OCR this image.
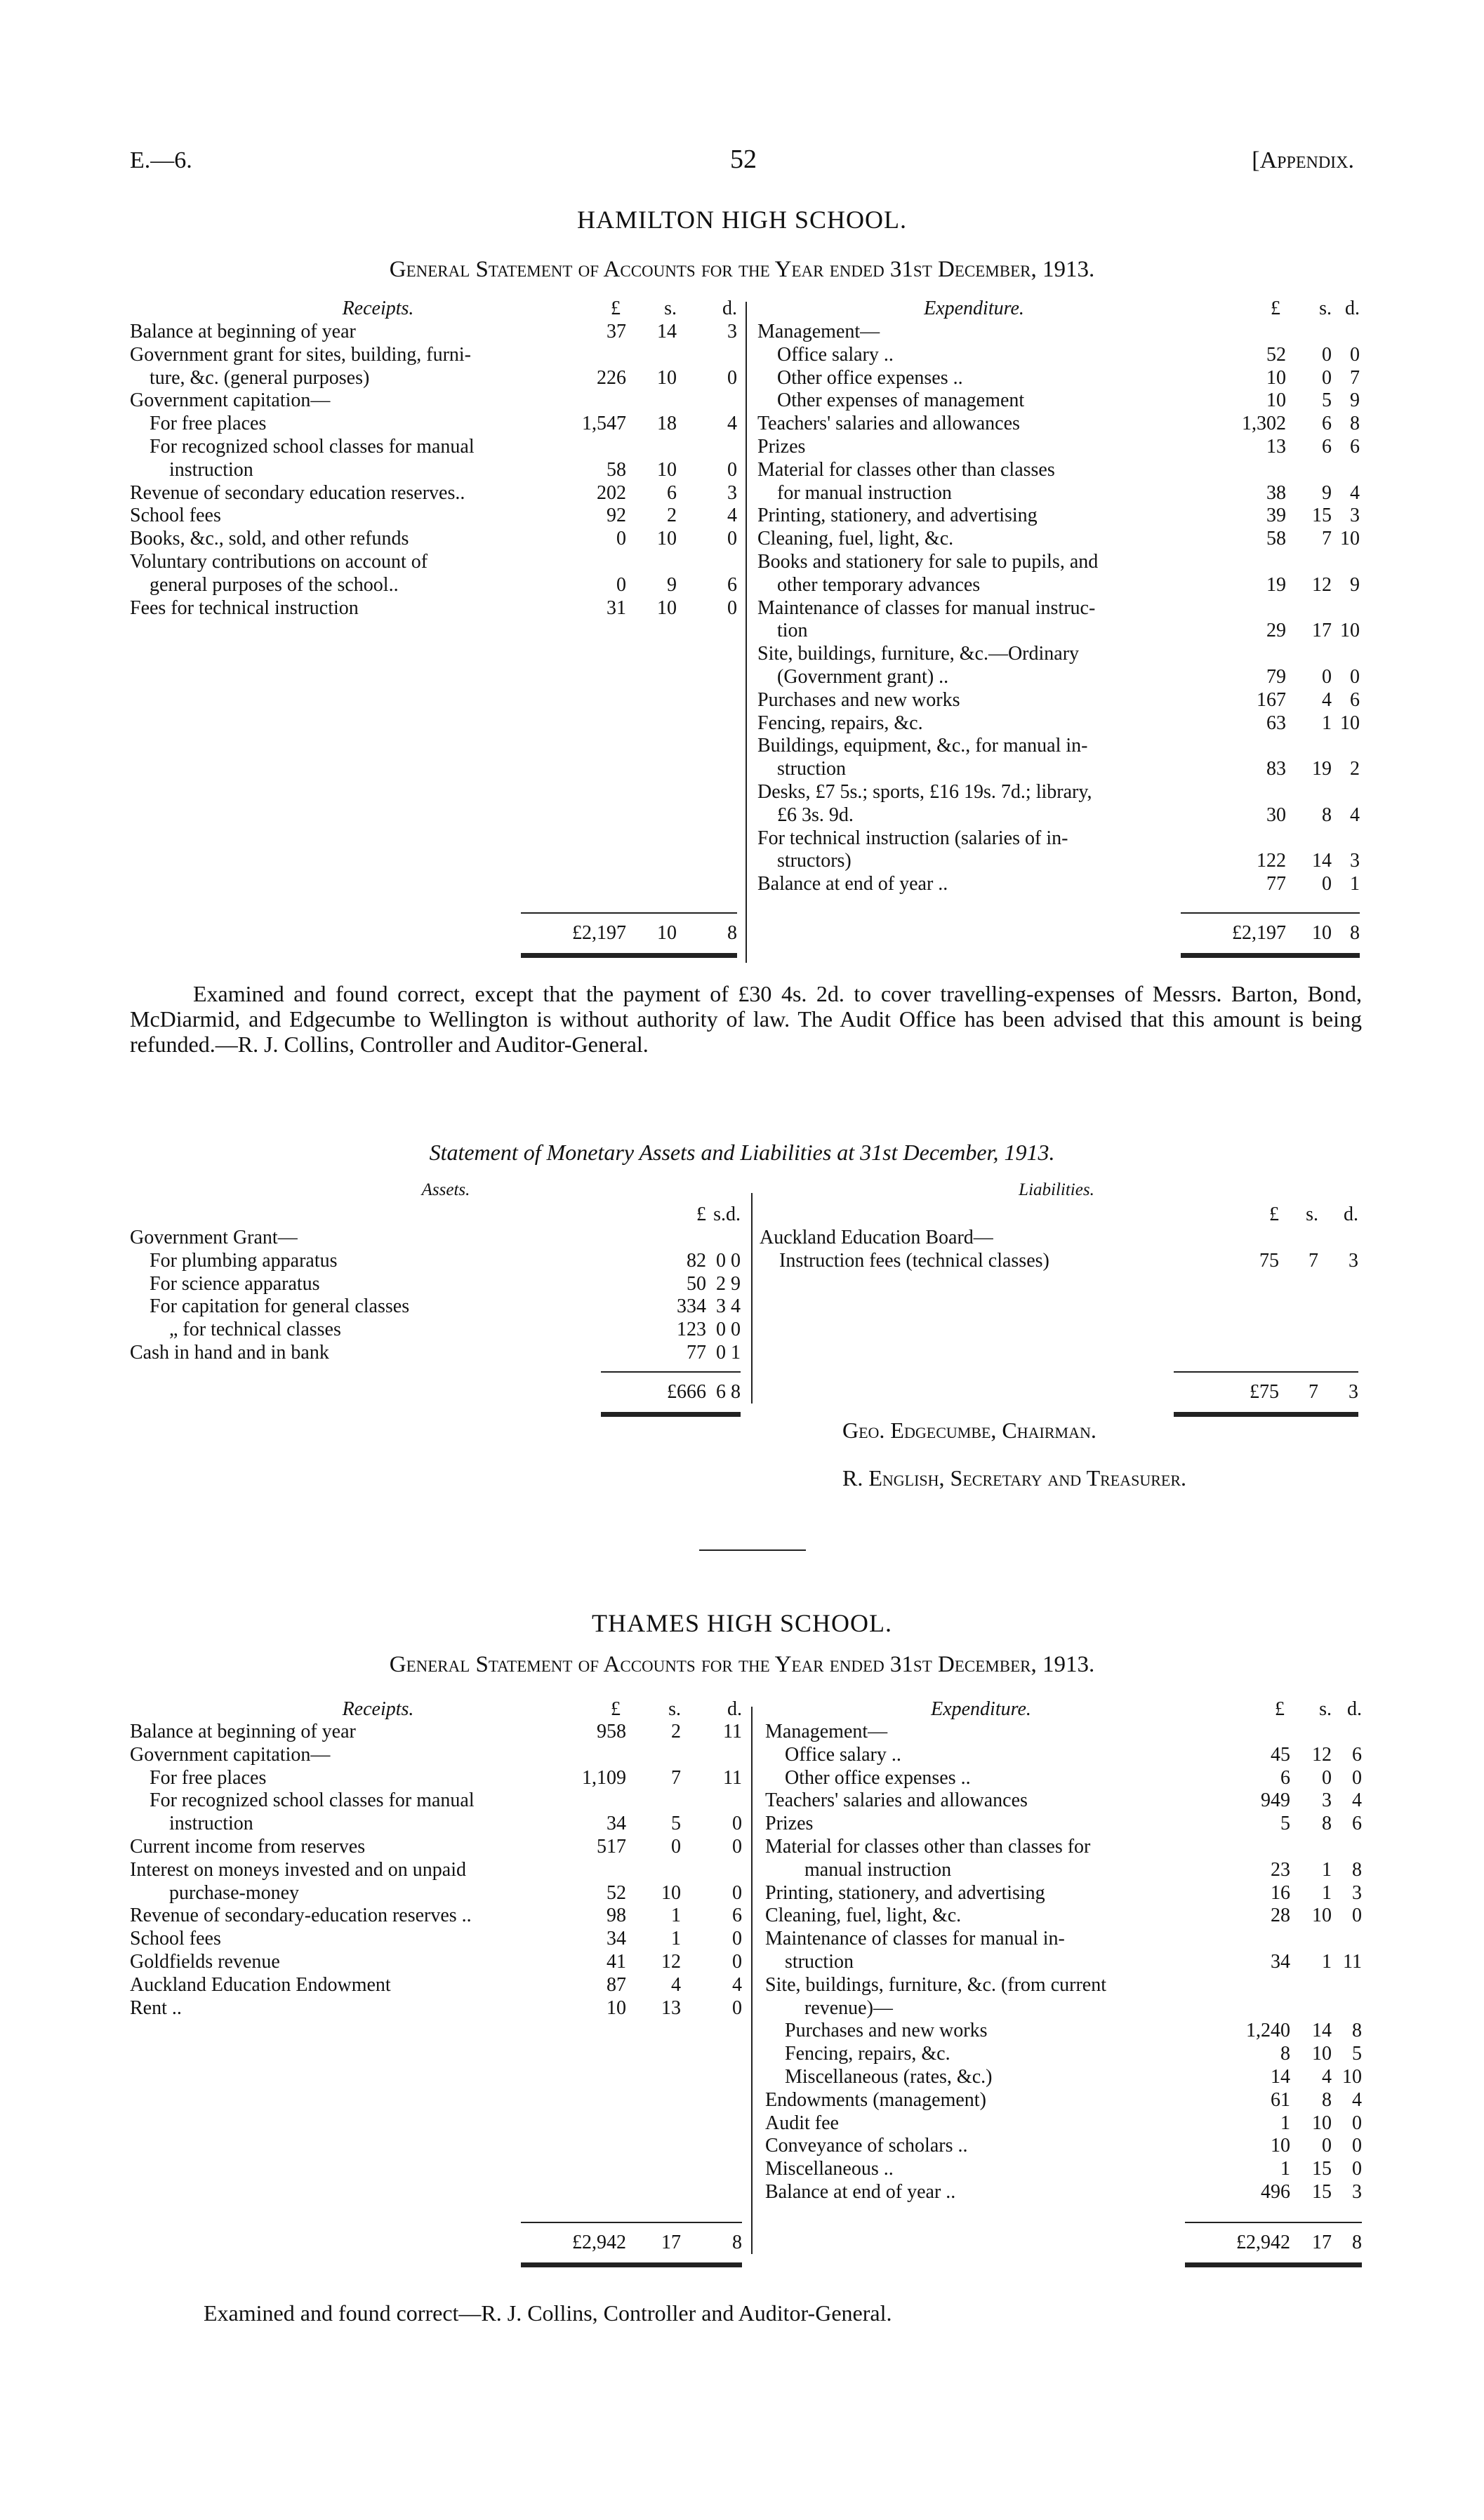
E.—6.	52	[Appendix.
HAMILTON HIGH SCHOOL.
General Statement of Accounts for the Year ended 31st December, 1913.
Examined and found correct, except that the payment of £30 4s. 2d. to cover travelling-expenses of Messrs. Barton, Bond, McDiarmid, and Edgecumbe to Wellington is without authority of law. The Audit Office has been advised that this amount is being refunded.—R. J. Collins, Controller and Auditor-General.
Statement of Monetary Assets and Liabilities at 31st December, 1913.
Geo. Edgecumbe, Chairman.
R. English, Secretary and Treasurer.
THAMES HIGH SCHOOL.
General Statement of Accounts for the Year ended 31st December, 1913.
Examined and found correct—R. J. Collins, Controller and Auditor-General.
Receipts.	£ s. d.	Expenditure.	£ s. d.
Balance at beginning of year	37 14	3
Government grant for sites, building, furni-
ture, &c. (general purposes)	226 10	0
Government capitation—
For free places	1,547 18	4
For recognized school classes for manual
instruction	58 10	0
Revenue of secondary education reserves..	202 6	3
School fees	92 2	4
Books, &c., sold, and other refunds	0 10	0
Voluntary contributions on account of
general purposes of the school..	0 9	6
Fees for technical instruction	31 10	0
Management—
Office salary ..	52 0 0
Other office expenses ..	10 0 7
Other expenses of management	10 5 9
Teachers' salaries and allowances	1,302 6 8
Prizes	13 6 6
Material for classes other than classes
for manual instruction	38 9 4
Printing, stationery, and advertising	39 15 3
Cleaning, fuel, light, &c.	58 7 10
Books and stationery for sale to pupils, and
other temporary advances	19 12 9
Maintenance of classes for manual instruc-
tion	29 17 10
Site, buildings, furniture, &c.—Ordinary
(Government grant) ..	79 0 0
Purchases and new works	167 4 6
Fencing, repairs, &c.	63 1 10
Buildings, equipment, &c., for manual in-
struction	83 19 2
Desks, £7 5s.; sports, £16 19s. 7d.; library,
£6 3s. 9d.	30 8 4
For technical instruction (salaries of in-
structors)	122 14 3
Balance at end of year ..	77 0 1
£2,197 10	8	£2,197 10 8
Assets.	Liabilities.
£ s. d.	£ s. d.
Government Grant—
For plumbing apparatus	82 0 0
For science apparatus	50 2 9
For capitation for general classes	334 3 4
„ for technical classes	123 0 0
Cash in hand and in bank	77 0 1
Auckland Education Board—
Instruction fees (technical classes)	75 7 3
£666 6 8	£75 7 3
Receipts.	£ s. d.	Expenditure.	£ s. d.
Balance at beginning of year	958 2 11
Government capitation—
For free places	1,109 7 11
For recognized school classes for manual
instruction	34 5	0
Current income from reserves	517 0	0
Interest on moneys invested and on unpaid
purchase-money	52 10	0
Revenue of secondary-education reserves ..	98 1	6
School fees	34 1	0
Goldfields revenue	41 12	0
Auckland Education Endowment	87 4	4
Rent ..	10 13	0
Management—
Office salary ..	45 12 6
Other office expenses ..	6 0 0
Teachers' salaries and allowances	949 3 4
Prizes	5 8 6
Material for classes other than classes for
manual instruction	23 1 8
Printing, stationery, and advertising	16 1 3
Cleaning, fuel, light, &c.	28 10 0
Maintenance of classes for manual in-
struction	34 1 11
Site, buildings, furniture, &c. (from current
revenue)—
Purchases and new works	1,240 14 8
Fencing, repairs, &c.	8 10 5
Miscellaneous (rates, &c.)	14 4 10
Endowments (management)	61 8 4
Audit fee	1 10 0
Conveyance of scholars ..	10 0 0
Miscellaneous ..	1 15 0
Balance at end of year ..	496 15 3
£2,942 17	8	£2,942 17 8
